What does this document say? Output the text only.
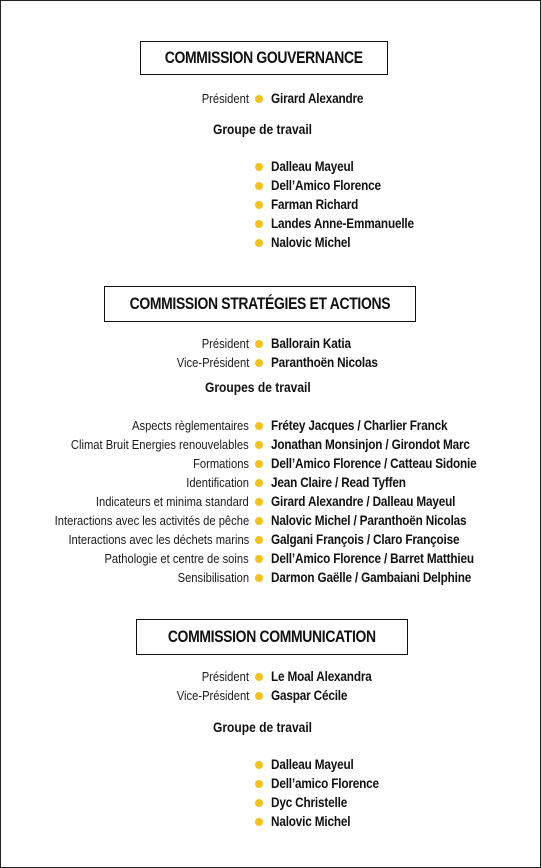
COMMISSION GOUVERNANCE
Président Girard Alexandre
Groupe de travail
Dalleau Mayeul
Dell’Amico Florence
Farman Richard
Landes Anne-Emmanuelle
Nalovic Michel
COMMISSION STRATÉGIES ET ACTIONS
Président Ballorain Katia
Vice-Président Paranthoën Nicolas
Groupes de travail
Aspects règlementaires Frétey Jacques / Charlier Franck
Climat Bruit Energies renouvelables Jonathan Monsinjon / Girondot Marc
Formations Dell’Amico Florence / Catteau Sidonie
Identification Jean Claire / Read Tyffen
Indicateurs et minima standard Girard Alexandre / Dalleau Mayeul
Interactions avec les activités de pêche Nalovic Michel / Paranthoën Nicolas
Interactions avec les déchets marins Galgani François / Claro Françoise
Pathologie et centre de soins Dell’Amico Florence / Barret Matthieu
Sensibilisation Darmon Gaëlle / Gambaiani Delphine
COMMISSION COMMUNICATION
Président Le Moal Alexandra
Vice-Président Gaspar Cécile
Groupe de travail
Dalleau Mayeul
Dell’amico Florence
Dyc Christelle
Nalovic Michel
